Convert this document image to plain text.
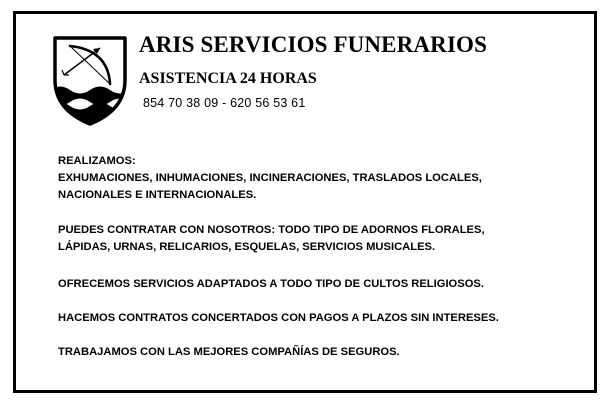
ARIS SERVICIOS FUNERARIOS
ASISTENCIA 24 HORAS
854 70 38 09 - 620 56 53 61
REALIZAMOS:
EXHUMACIONES, INHUMACIONES, INCINERACIONES, TRASLADOS LOCALES,
NACIONALES E INTERNACIONALES.
PUEDES CONTRATAR CON NOSOTROS: TODO TIPO DE ADORNOS FLORALES,
LÁPIDAS, URNAS, RELICARIOS, ESQUELAS, SERVICIOS MUSICALES.
OFRECEMOS SERVICIOS ADAPTADOS A TODO TIPO DE CULTOS RELIGIOSOS.
HACEMOS CONTRATOS CONCERTADOS CON PAGOS A PLAZOS SIN INTERESES.
TRABAJAMOS CON LAS MEJORES COMPAÑÍAS DE SEGUROS.
